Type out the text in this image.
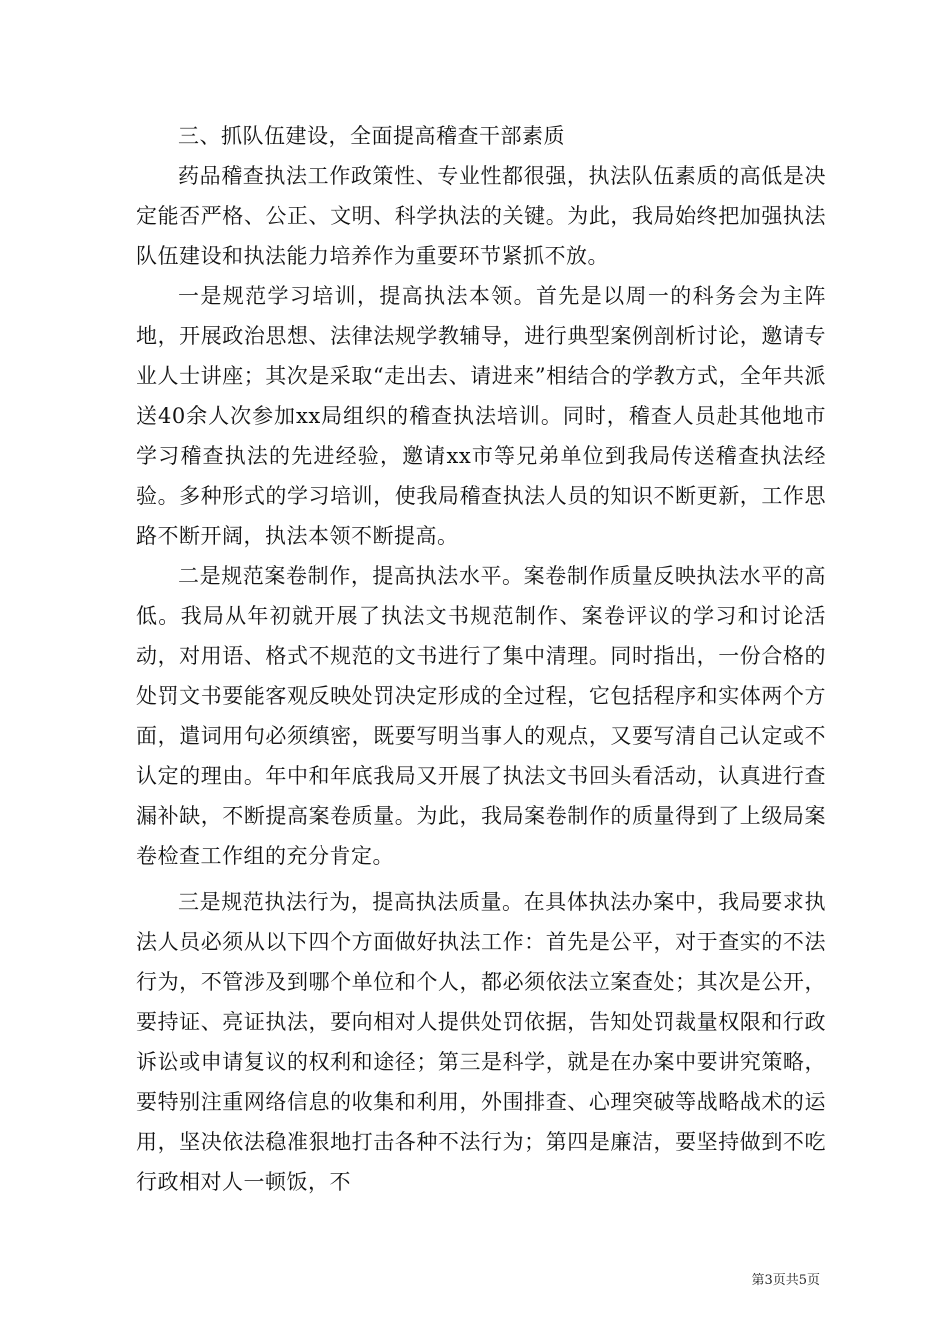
三、抓队伍建设，全面提高稽查干部素质

药品稽查执法工作政策性、专业性都很强，执法队伍素质的高低是决定能否严格、公正、文明、科学执法的关键。为此，我局始终把加强执法队伍建设和执法能力培养作为重要环节紧抓不放。

一是规范学习培训，提高执法本领。首先是以周一的科务会为主阵地，开展政治思想、法律法规学教辅导，进行典型案例剖析讨论，邀请专业人士讲座；其次是采取“走出去、请进来”相结合的学教方式，全年共派送40余人次参加xx局组织的稽查执法培训。同时，稽查人员赴其他地市学习稽查执法的先进经验，邀请xx市等兄弟单位到我局传送稽查执法经验。多种形式的学习培训，使我局稽查执法人员的知识不断更新，工作思路不断开阔，执法本领不断提高。

二是规范案卷制作，提高执法水平。案卷制作质量反映执法水平的高低。我局从年初就开展了执法文书规范制作、案卷评议的学习和讨论活动，对用语、格式不规范的文书进行了集中清理。同时指出，一份合格的处罚文书要能客观反映处罚决定形成的全过程，它包括程序和实体两个方面，遣词用句必须缜密，既要写明当事人的观点，又要写清自己认定或不认定的理由。年中和年底我局又开展了执法文书回头看活动，认真进行查漏补缺，不断提高案卷质量。为此，我局案卷制作的质量得到了上级局案卷检查工作组的充分肯定。

三是规范执法行为，提高执法质量。在具体执法办案中，我局要求执法人员必须从以下四个方面做好执法工作：首先是公平，对于查实的不法行为，不管涉及到哪个单位和个人，都必须依法立案查处；其次是公开，要持证、亮证执法，要向相对人提供处罚依据，告知处罚裁量权限和行政诉讼或申请复议的权利和途径；第三是科学，就是在办案中要讲究策略，要特别注重网络信息的收集和利用，外围排查、心理突破等战略战术的运用，坚决依法稳准狠地打击各种不法行为；第四是廉洁，要坚持做到不吃行政相对人一顿饭，不

第3页共5页
